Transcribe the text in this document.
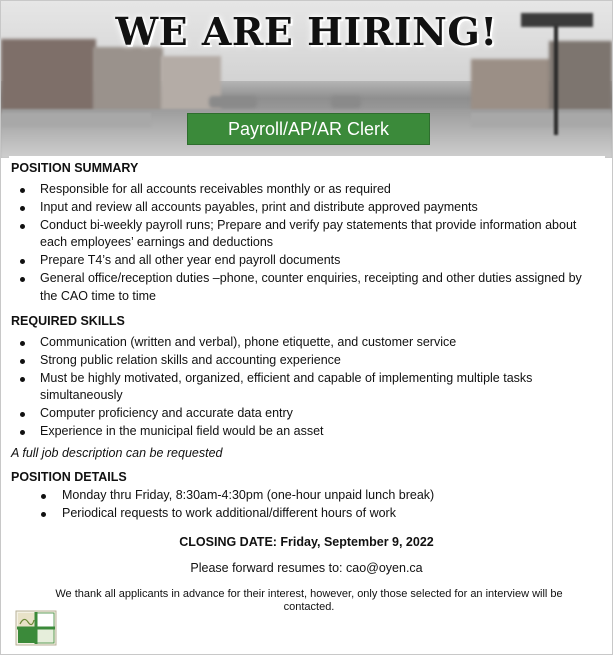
WE ARE HIRING!
Payroll/AP/AR Clerk
POSITION SUMMARY
Responsible for all accounts receivables monthly or as required
Input and review all accounts payables, print and distribute approved payments
Conduct bi-weekly payroll runs; Prepare and verify pay statements that provide information about each employees’ earnings and deductions
Prepare T4’s and all other year end payroll documents
General office/reception duties –phone, counter enquiries, receipting and other duties assigned by the CAO time to time
REQUIRED SKILLS
Communication (written and verbal), phone etiquette, and customer service
Strong public relation skills and accounting experience
Must be highly motivated, organized, efficient and capable of implementing multiple tasks simultaneously
Computer proficiency and accurate data entry
Experience in the municipal field would be an asset
A full job description can be requested
POSITION DETAILS
Monday thru Friday, 8:30am-4:30pm (one-hour unpaid lunch break)
Periodical requests to work additional/different hours of work
CLOSING DATE: Friday, September 9, 2022
Please forward resumes to: cao@oyen.ca
We thank all applicants in advance for their interest, however, only those selected for an interview will be contacted.
